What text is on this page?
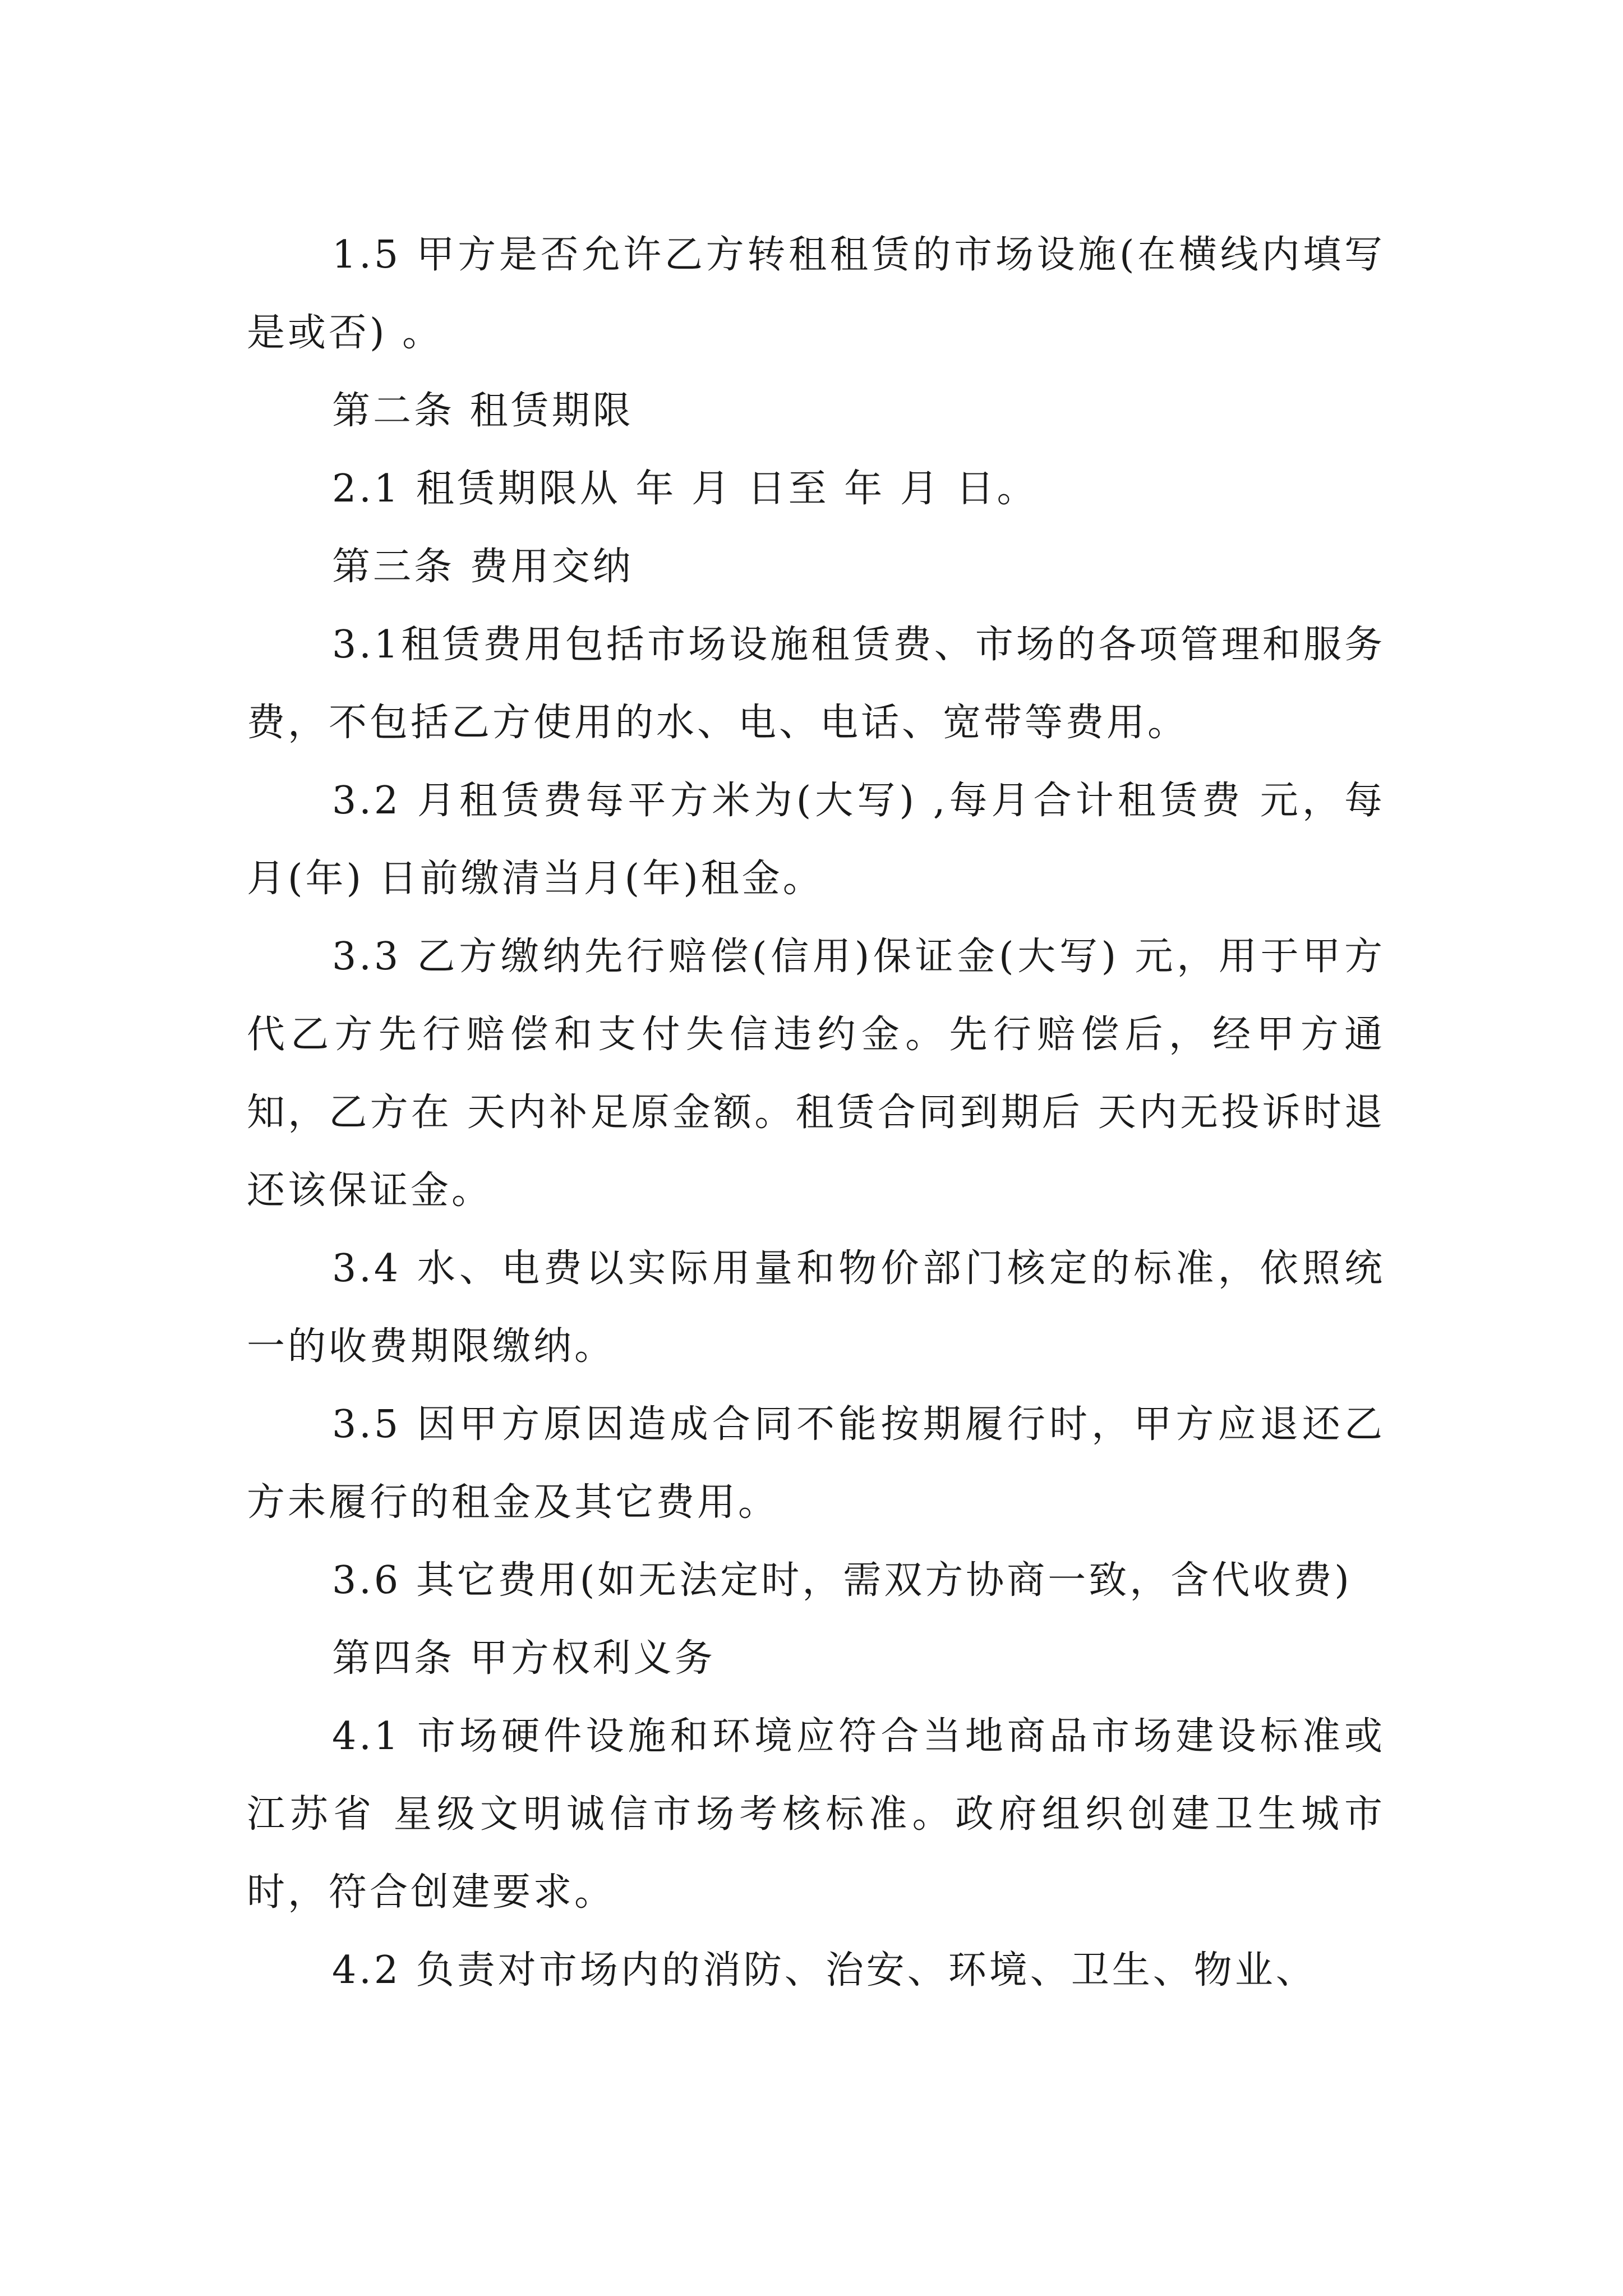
1.5 甲方是否允许乙方转租租赁的市场设施(在横线内填写是或否) 。

第二条 租赁期限

2.1 租赁期限从 年 月 日至 年 月 日。

第三条 费用交纳

3.1租赁费用包括市场设施租赁费、市场的各项管理和服务费，不包括乙方使用的水、电、电话、宽带等费用。

3.2 月租赁费每平方米为(大写) ,每月合计租赁费 元，每月(年) 日前缴清当月(年)租金。

3.3 乙方缴纳先行赔偿(信用)保证金(大写) 元，用于甲方代乙方先行赔偿和支付失信违约金。先行赔偿后，经甲方通知，乙方在 天内补足原金额。租赁合同到期后 天内无投诉时退还该保证金。

3.4 水、电费以实际用量和物价部门核定的标准，依照统一的收费期限缴纳。

3.5 因甲方原因造成合同不能按期履行时，甲方应退还乙方未履行的租金及其它费用。

3.6 其它费用(如无法定时，需双方协商一致，含代收费)

第四条 甲方权利义务

4.1 市场硬件设施和环境应符合当地商品市场建设标准或江苏省 星级文明诚信市场考核标准。政府组织创建卫生城市时，符合创建要求。

4.2 负责对市场内的消防、治安、环境、卫生、物业、
